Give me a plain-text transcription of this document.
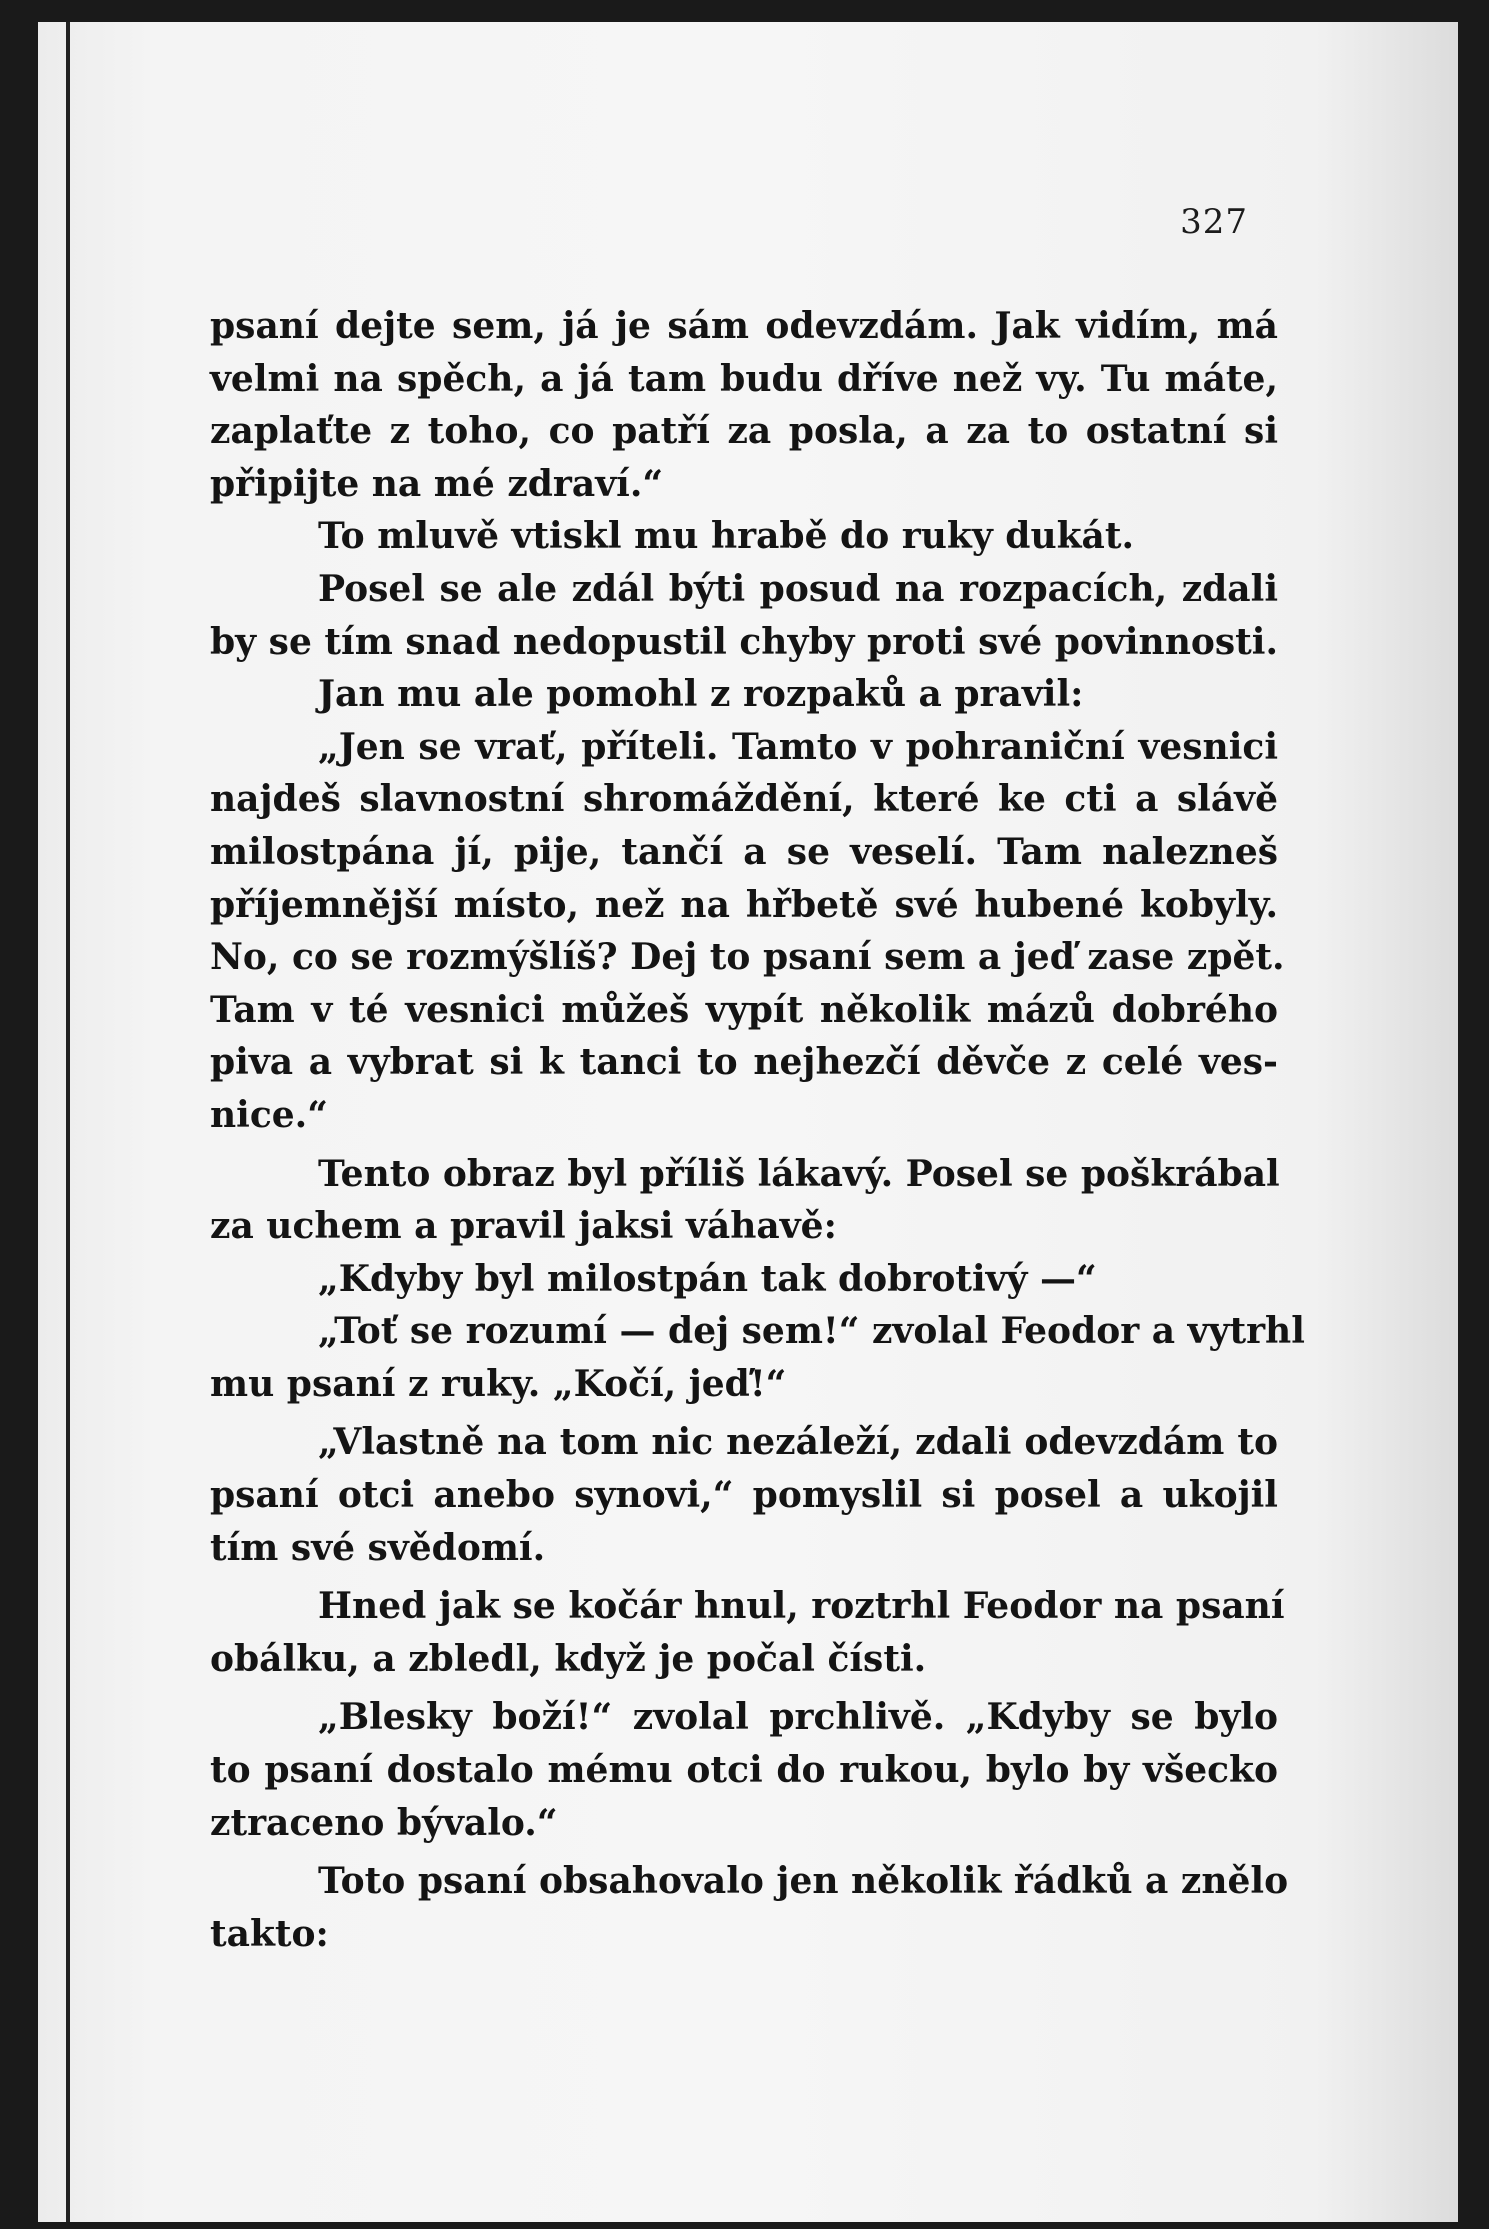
327
psaní dejte sem, já je sám odevzdám. Jak vidím, má
velmi na spěch, a já tam budu dříve než vy. Tu máte,
zaplaťte z toho, co patří za posla, a za to ostatní si
připijte na mé zdraví.“
To mluvě vtiskl mu hrabě do ruky dukát.
Posel se ale zdál býti posud na rozpacích, zdali
by se tím snad nedopustil chyby proti své povinnosti.
Jan mu ale pomohl z rozpaků a pravil:
„Jen se vrať, příteli. Tamto v pohraniční vesnici
najdeš slavnostní shromáždění, které ke cti a slávě
milostpána jí, pije, tančí a se veselí. Tam nalezneš
příjemnější místo, než na hřbetě své hubené kobyly.
No, co se rozmýšlíš? Dej to psaní sem a jeď zase zpět.
Tam v té vesnici můžeš vypít několik mázů dobrého
piva a vybrat si k tanci to nejhezčí děvče z celé ves-
nice.“
Tento obraz byl příliš lákavý. Posel se poškrábal
za uchem a pravil jaksi váhavě:
„Kdyby byl milostpán tak dobrotivý —“
„Toť se rozumí — dej sem!“ zvolal Feodor a vytrhl
mu psaní z ruky. „Kočí, jeď!“
„Vlastně na tom nic nezáleží, zdali odevzdám to
psaní otci anebo synovi,“ pomyslil si posel a ukojil
tím své svědomí.
Hned jak se kočár hnul, roztrhl Feodor na psaní
obálku, a zbledl, když je počal čísti.
„Blesky boží!“ zvolal prchlivě. „Kdyby se bylo
to psaní dostalo mému otci do rukou, bylo by všecko
ztraceno bývalo.“
Toto psaní obsahovalo jen několik řádků a znělo
takto:
